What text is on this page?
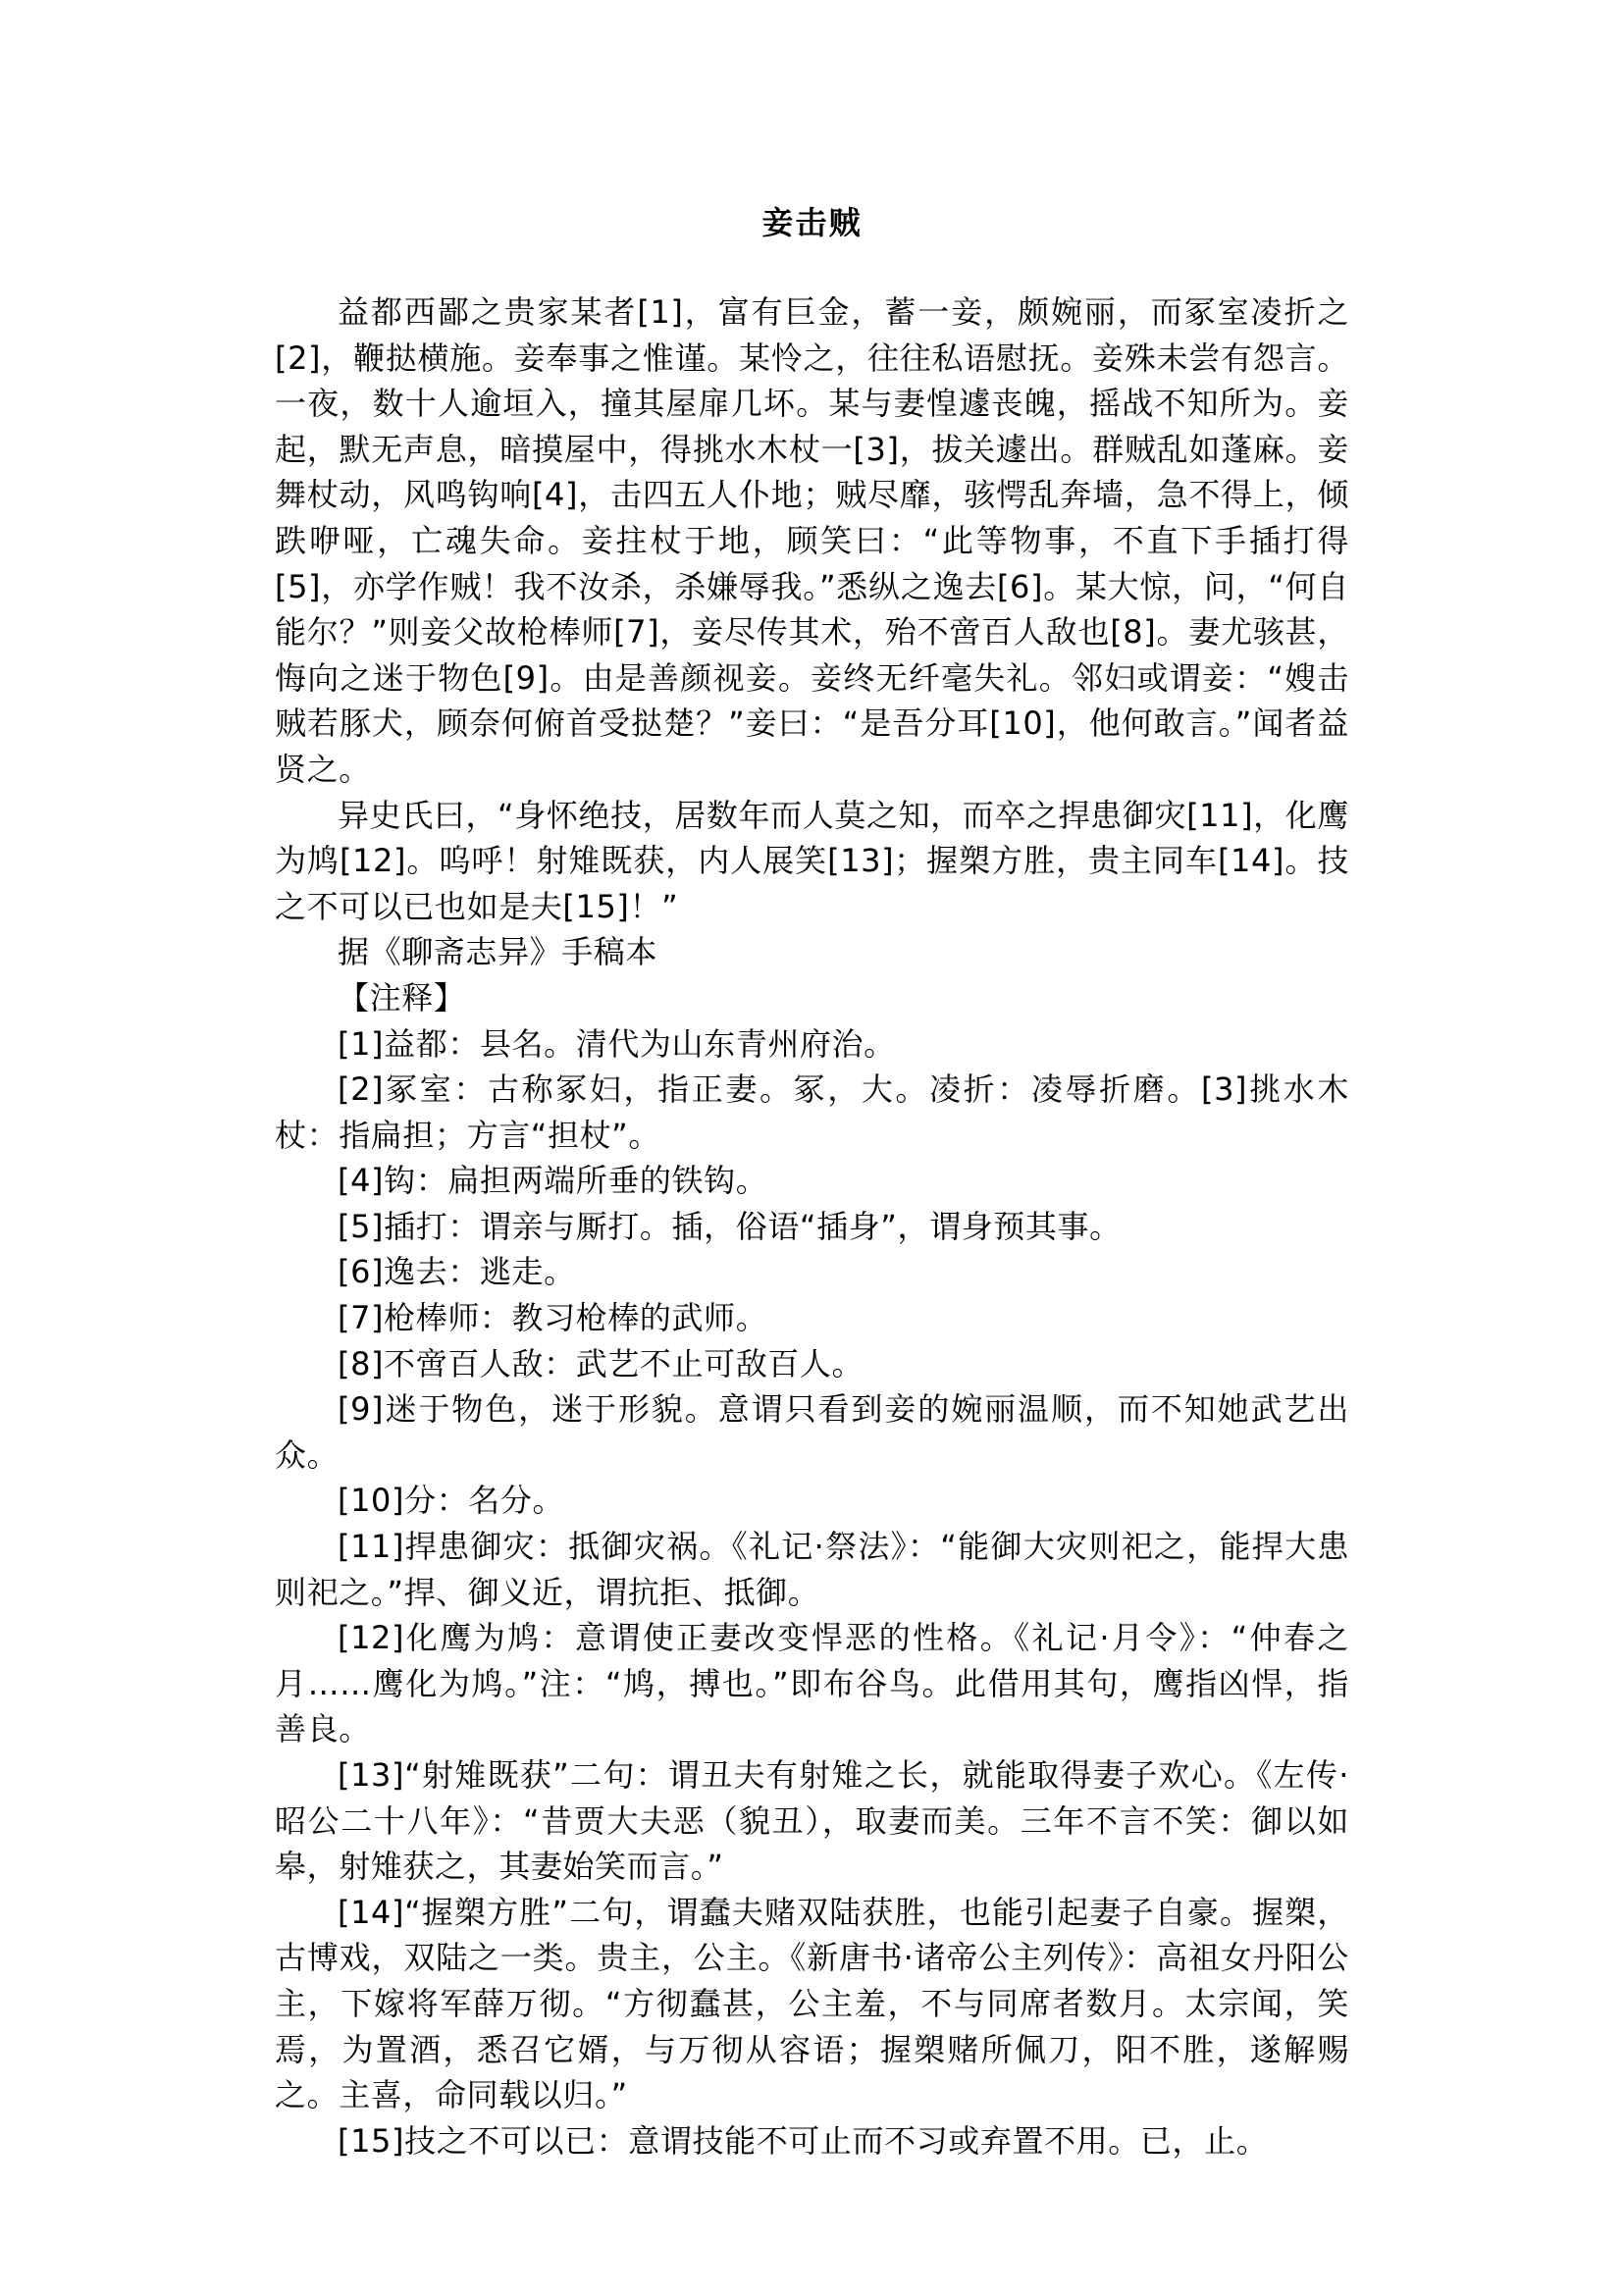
妾击贼

益都西鄙之贵家某者[1]，富有巨金，蓄一妾，颇婉丽，而冢室凌折之[2]，鞭挞横施。妾奉事之惟谨。某怜之，往往私语慰抚。妾殊未尝有怨言。一夜，数十人逾垣入，撞其屋扉几坏。某与妻惶遽丧魄，摇战不知所为。妾起，默无声息，暗摸屋中，得挑水木杖一[3]，拔关遽出。群贼乱如蓬麻。妾舞杖动，风鸣钩响[4]，击四五人仆地；贼尽靡，骇愕乱奔墙，急不得上，倾跌咿哑，亡魂失命。妾拄杖于地，顾笑曰：“此等物事，不直下手插打得[5]，亦学作贼！我不汝杀，杀嫌辱我。”悉纵之逸去[6]。某大惊，问，“何自能尔？”则妾父故枪棒师[7]，妾尽传其术，殆不啻百人敌也[8]。妻尤骇甚，悔向之迷于物色[9]。由是善颜视妾。妾终无纤毫失礼。邻妇或谓妾：“嫂击贼若豚犬，顾奈何俯首受挞楚？”妾曰：“是吾分耳[10]，他何敢言。”闻者益贤之。

异史氏曰，“身怀绝技，居数年而人莫之知，而卒之捍患御灾[11]，化鹰为鸠[12]。呜呼！射雉既获，内人展笑[13]；握槊方胜，贵主同车[14]。技之不可以已也如是夫[15]！”

据《聊斋志异》手稿本

【注释】

[1]益都：县名。清代为山东青州府治。

[2]冢室：古称冢妇，指正妻。冢，大。凌折：凌辱折磨。[3]挑水木杖：指扁担；方言“担杖”。

[4]钩：扁担两端所垂的铁钩。

[5]插打：谓亲与厮打。插，俗语“插身”，谓身预其事。

[6]逸去：逃走。

[7]枪棒师：教习枪棒的武师。

[8]不啻百人敌：武艺不止可敌百人。

[9]迷于物色，迷于形貌。意谓只看到妾的婉丽温顺，而不知她武艺出众。

[10]分：名分。

[11]捍患御灾：抵御灾祸。《礼记·祭法》：“能御大灾则祀之，能捍大患则祀之。”捍、御义近，谓抗拒、抵御。

[12]化鹰为鸠：意谓使正妻改变悍恶的性格。《礼记·月令》：“仲春之月……鹰化为鸠。”注：“鸠，搏也。”即布谷鸟。此借用其句，鹰指凶悍，指善良。

[13]“射雉既获”二句：谓丑夫有射雉之长，就能取得妻子欢心。《左传·昭公二十八年》：“昔贾大夫恶（貌丑），取妻而美。三年不言不笑：御以如皋，射雉获之，其妻始笑而言。”

[14]“握槊方胜”二句，谓蠢夫赌双陆获胜，也能引起妻子自豪。握槊，古博戏，双陆之一类。贵主，公主。《新唐书·诸帝公主列传》：高祖女丹阳公主，下嫁将军薛万彻。“方彻蠢甚，公主羞，不与同席者数月。太宗闻，笑焉，为置酒，悉召它婿，与万彻从容语；握槊赌所佩刀，阳不胜，遂解赐之。主喜，命同载以归。”

[15]技之不可以已：意谓技能不可止而不习或弃置不用。已，止。
